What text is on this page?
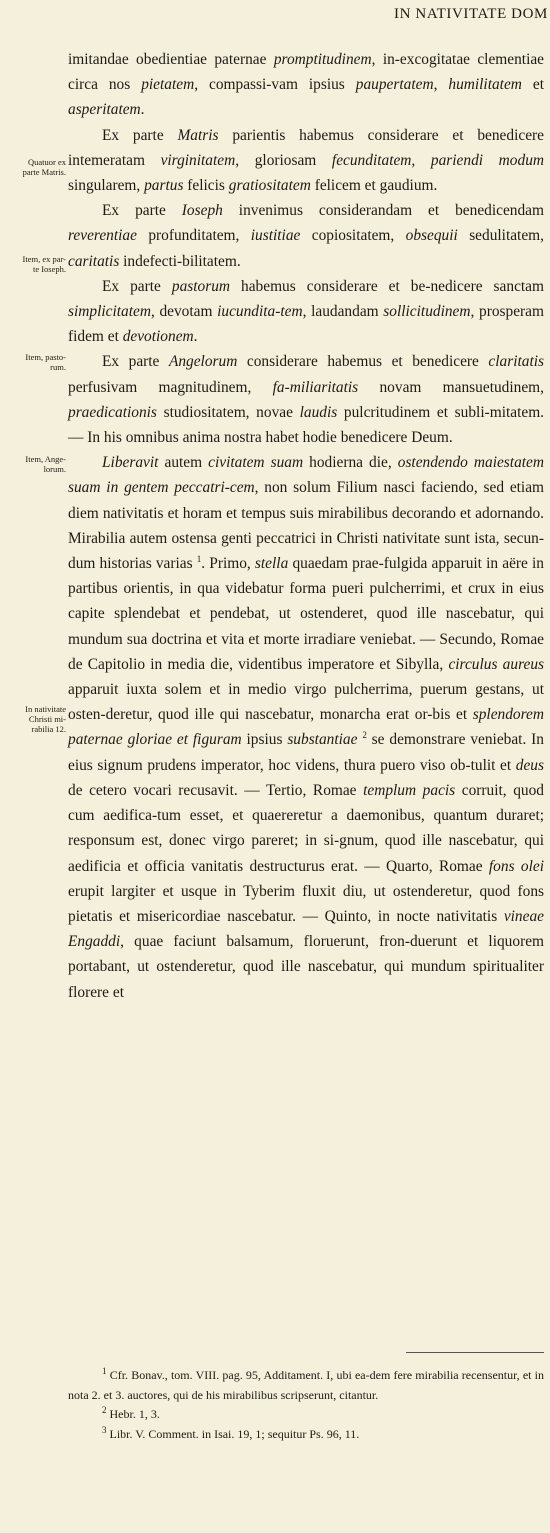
IN NATIVITATE DOM
Quatuor ex
parte Matris.
Item, ex par-
te Ioseph.
Item, pasto-
rum.
Item, Ange-
lorum.
In nativitate
Christi mi-
rabilia 12.

imitandae obedientiae paternae promptitudinem, in-excogitatae clementiae circa nos pietatem, compassi-vam ipsius paupertatem, humilitatem et asperitatem.

Ex parte Matris parientis habemus considerare et benedicere intemeratam virginitatem, gloriosam fecunditatem, pariendi modum singularem, partus felicis gratiositatem felicem et gaudium.

Ex parte Ioseph invenimus considerandam et benedicendam reverentiae profunditatem, iustitiae copiositatem, obsequii sedulitatem, caritatis indefecti-bilitatem.

Ex parte pastorum habemus considerare et be-nedicere sanctam simplicitatem, devotam iucundita-tem, laudandam sollicitudinem, prosperam fidem et devotionem.

Ex parte Angelorum considerare habemus et benedicere claritatis perfusivam magnitudinem, fa-miliaritatis novam mansuetudinem, praedicationis studiositatem, novae laudis pulcritudinem et subli-mitatem. — In his omnibus anima nostra habet hodie benedicere Deum.

Liberavit autem civitatem suam hodierna die, ostendendo maiestatem suam in gentem peccatri-cem, non solum Filium nasci faciendo, sed etiam diem nativitatis et horam et tempus suis mirabilibus decorando et adornando. Mirabilia autem ostensa genti peccatrici in Christi nativitate sunt ista, secun-dum historias varias $^1$. Primo, stella quaedam prae-fulgida apparuit in aëre in partibus orientis, in qua videbatur forma pueri pulcherrimi, et crux in eius capite splendebat et pendebat, ut ostenderet, quod ille nascebatur, qui mundum sua doctrina et vita et morte irradiare veniebat. — Secundo, Romae de Capitolio in media die, videntibus imperatore et Sibylla, circulus aureus apparuit iuxta solem et in medio virgo pulcherrima, puerum gestans, ut osten-deretur, quod ille qui nascebatur, monarcha erat or-bis et splendorem paternae gloriae et figuram ipsius substantiae $^2$ se demonstrare veniebat. In eius signum prudens imperator, hoc videns, thura puero viso ob-tulit et deus de cetero vocari recusavit. — Tertio, Romae templum pacis corruit, quod cum aedifica-tum esset, et quaereretur a daemonibus, quantum duraret; responsum est, donec virgo pareret; in si-gnum, quod ille nascebatur, qui aedificia et officia vanitatis destructurus erat. — Quarto, Romae fons olei erupit largiter et usque in Tyberim fluxit diu, ut ostenderetur, quod fons pietatis et misericordiae nascebatur. — Quinto, in nocte nativitatis vineae Engaddi, quae faciunt balsamum, floruerunt, fron-duerunt et liquorem portabant, ut ostenderetur, quod ille nascebatur, qui mundum spiritualiter florere et

$^1$ Cfr. Bonav., tom. VIII. pag. 95, Additament. I, ubi ea-dem fere mirabilia recensentur, et in nota 2. et 3. auctores, qui de his mirabilibus scripserunt, citantur.

$^2$ Hebr. 1, 3.

$^3$ Libr. V. Comment. in Isai. 19, 1; sequitur Ps. 96, 11.
